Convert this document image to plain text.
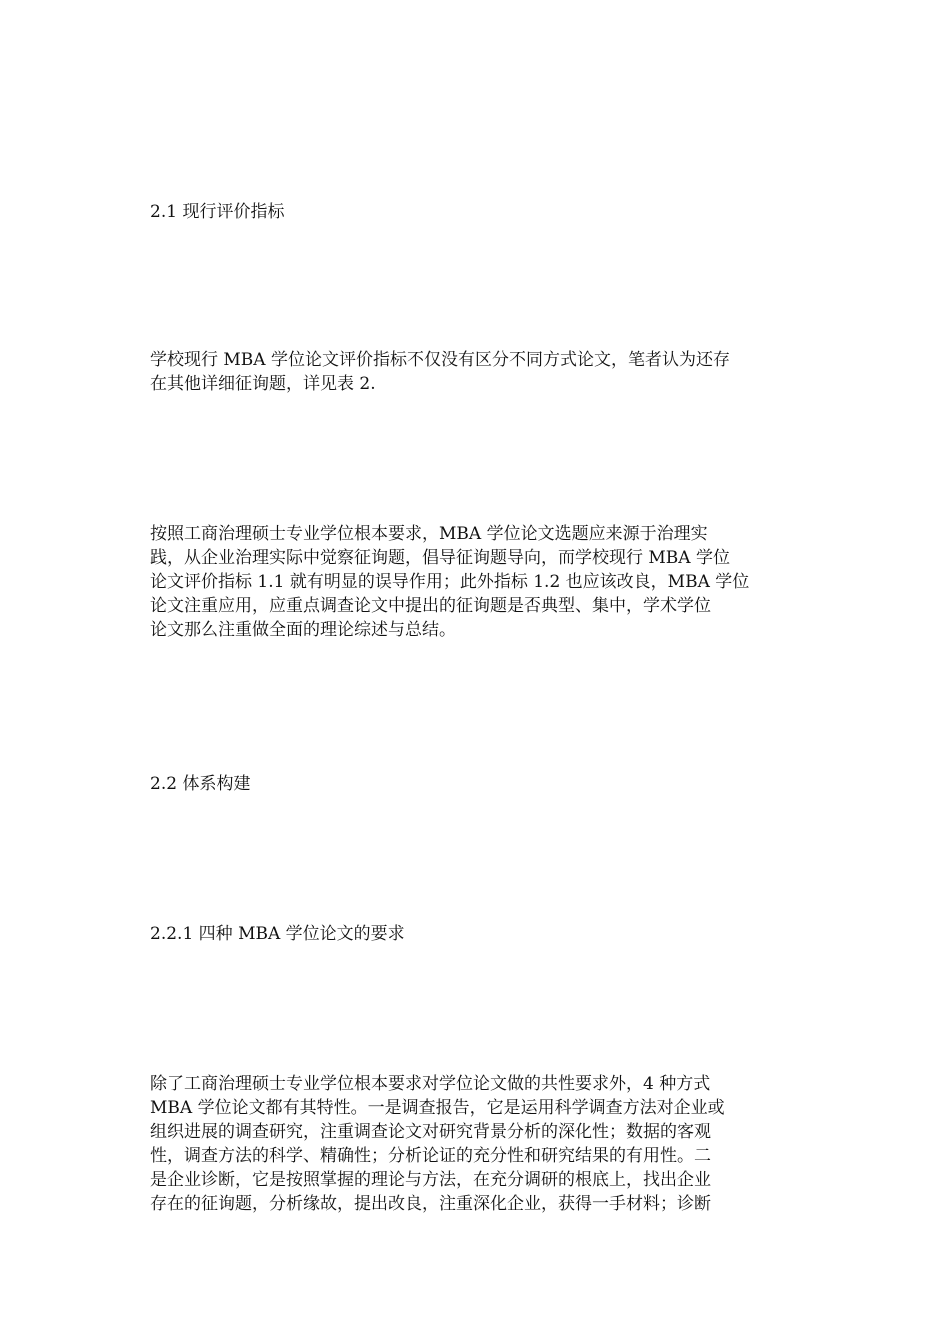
2.1 现行评价指标

学校现行 MBA 学位论文评价指标不仅没有区分不同方式论文，笔者认为还存
在其他详细征询题，详见表 2.

按照工商治理硕士专业学位根本要求，MBA 学位论文选题应来源于治理实
践，从企业治理实际中觉察征询题，倡导征询题导向，而学校现行 MBA 学位
论文评价指标 1.1 就有明显的误导作用；此外指标 1.2 也应该改良，MBA 学位
论文注重应用，应重点调查论文中提出的征询题是否典型、集中，学术学位
论文那么注重做全面的理论综述与总结。

2.2 体系构建
2.2.1 四种 MBA 学位论文的要求

除了工商治理硕士专业学位根本要求对学位论文做的共性要求外，4 种方式
MBA 学位论文都有其特性。一是调查报告，它是运用科学调查方法对企业或
组织进展的调查研究，注重调查论文对研究背景分析的深化性；数据的客观
性，调查方法的科学、精确性；分析论证的充分性和研究结果的有用性。二
是企业诊断，它是按照掌握的理论与方法，在充分调研的根底上，找出企业
存在的征询题，分析缘故，提出改良，注重深化企业，获得一手材料；诊断
